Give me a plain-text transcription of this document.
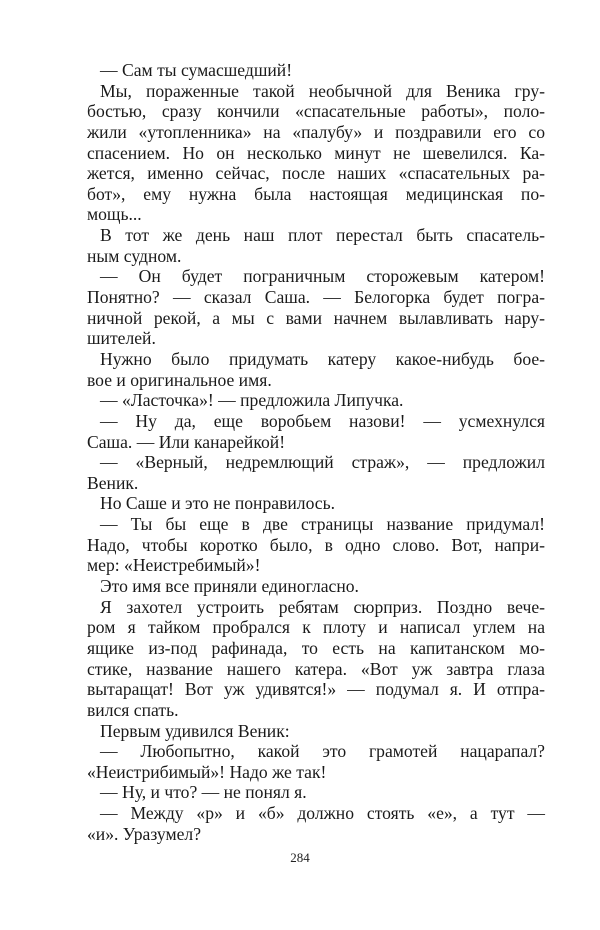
— Сам ты сумасшедший!
Мы, пораженные такой необычной для Веника гру-
бостью, сразу кончили «спасательные работы», поло-
жили «утопленника» на «палубу» и поздравили его со
спасением. Но он несколько минут не шевелился. Ка-
жется, именно сейчас, после наших «спасательных ра-
бот», ему нужна была настоящая медицинская по-
мощь...
В тот же день наш плот перестал быть спасатель-
ным судном.
— Он будет пограничным сторожевым катером!
Понятно? — сказал Саша. — Белогорка будет погра-
ничной рекой, а мы с вами начнем вылавливать нару-
шителей.
Нужно было придумать катеру какое-нибудь бое-
вое и оригинальное имя.
— «Ласточка»! — предложила Липучка.
— Ну да, еще воробьем назови! — усмехнулся
Саша. — Или канарейкой!
— «Верный, недремлющий страж», — предложил
Веник.
Но Саше и это не понравилось.
— Ты бы еще в две страницы название придумал!
Надо, чтобы коротко было, в одно слово. Вот, напри-
мер: «Неистребимый»!
Это имя все приняли единогласно.
Я захотел устроить ребятам сюрприз. Поздно вече-
ром я тайком пробрался к плоту и написал углем на
ящике из-под рафинада, то есть на капитанском мо-
стике, название нашего катера. «Вот уж завтра глаза
вытаращат! Вот уж удивятся!» — подумал я. И отпра-
вился спать.
Первым удивился Веник:
— Любопытно, какой это грамотей нацарапал?
«Неистрибимый»! Надо же так!
— Ну, и что? — не понял я.
— Между «р» и «б» должно стоять «е», а тут —
«и». Уразумел?
284
